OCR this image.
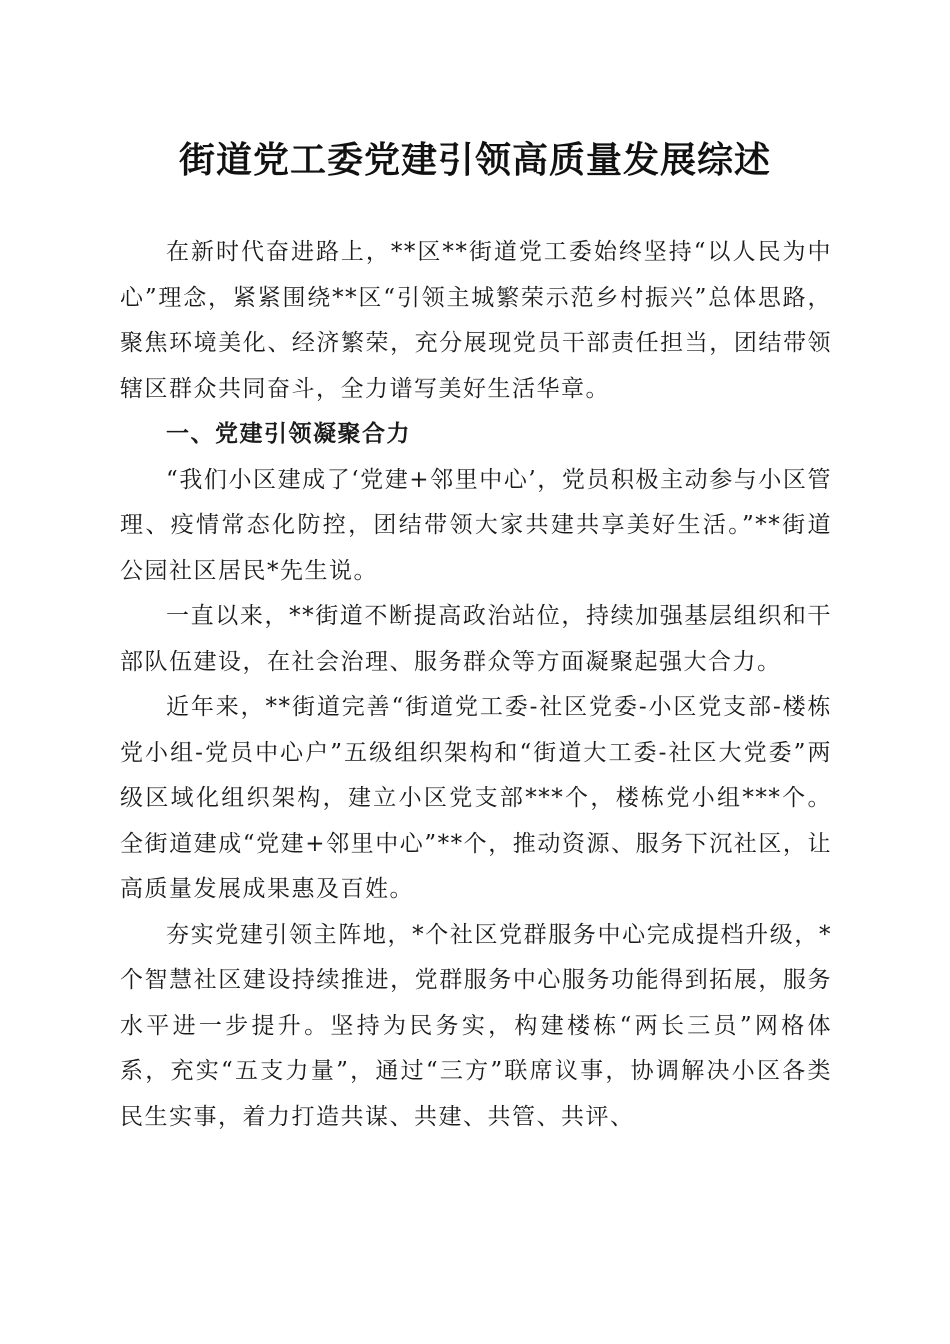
街道党工委党建引领高质量发展综述

在新时代奋进路上，**区**街道党工委始终坚持“以人民为中心”理念，紧紧围绕**区“引领主城繁荣示范乡村振兴”总体思路，聚焦环境美化、经济繁荣，充分展现党员干部责任担当，团结带领辖区群众共同奋斗，全力谱写美好生活华章。

一、党建引领凝聚合力

“我们小区建成了‘党建+邻里中心’，党员积极主动参与小区管理、疫情常态化防控，团结带领大家共建共享美好生活。”**街道公园社区居民*先生说。

一直以来，**街道不断提高政治站位，持续加强基层组织和干部队伍建设，在社会治理、服务群众等方面凝聚起强大合力。

近年来，**街道完善“街道党工委-社区党委-小区党支部-楼栋党小组-党员中心户”五级组织架构和“街道大工委-社区大党委”两级区域化组织架构，建立小区党支部***个，楼栋党小组***个。全街道建成“党建+邻里中心”**个，推动资源、服务下沉社区，让高质量发展成果惠及百姓。

夯实党建引领主阵地，*个社区党群服务中心完成提档升级，*个智慧社区建设持续推进，党群服务中心服务功能得到拓展，服务水平进一步提升。坚持为民务实，构建楼栋“两长三员”网格体系，充实“五支力量”，通过“三方”联席议事，协调解决小区各类民生实事，着力打造共谋、共建、共管、共评、
